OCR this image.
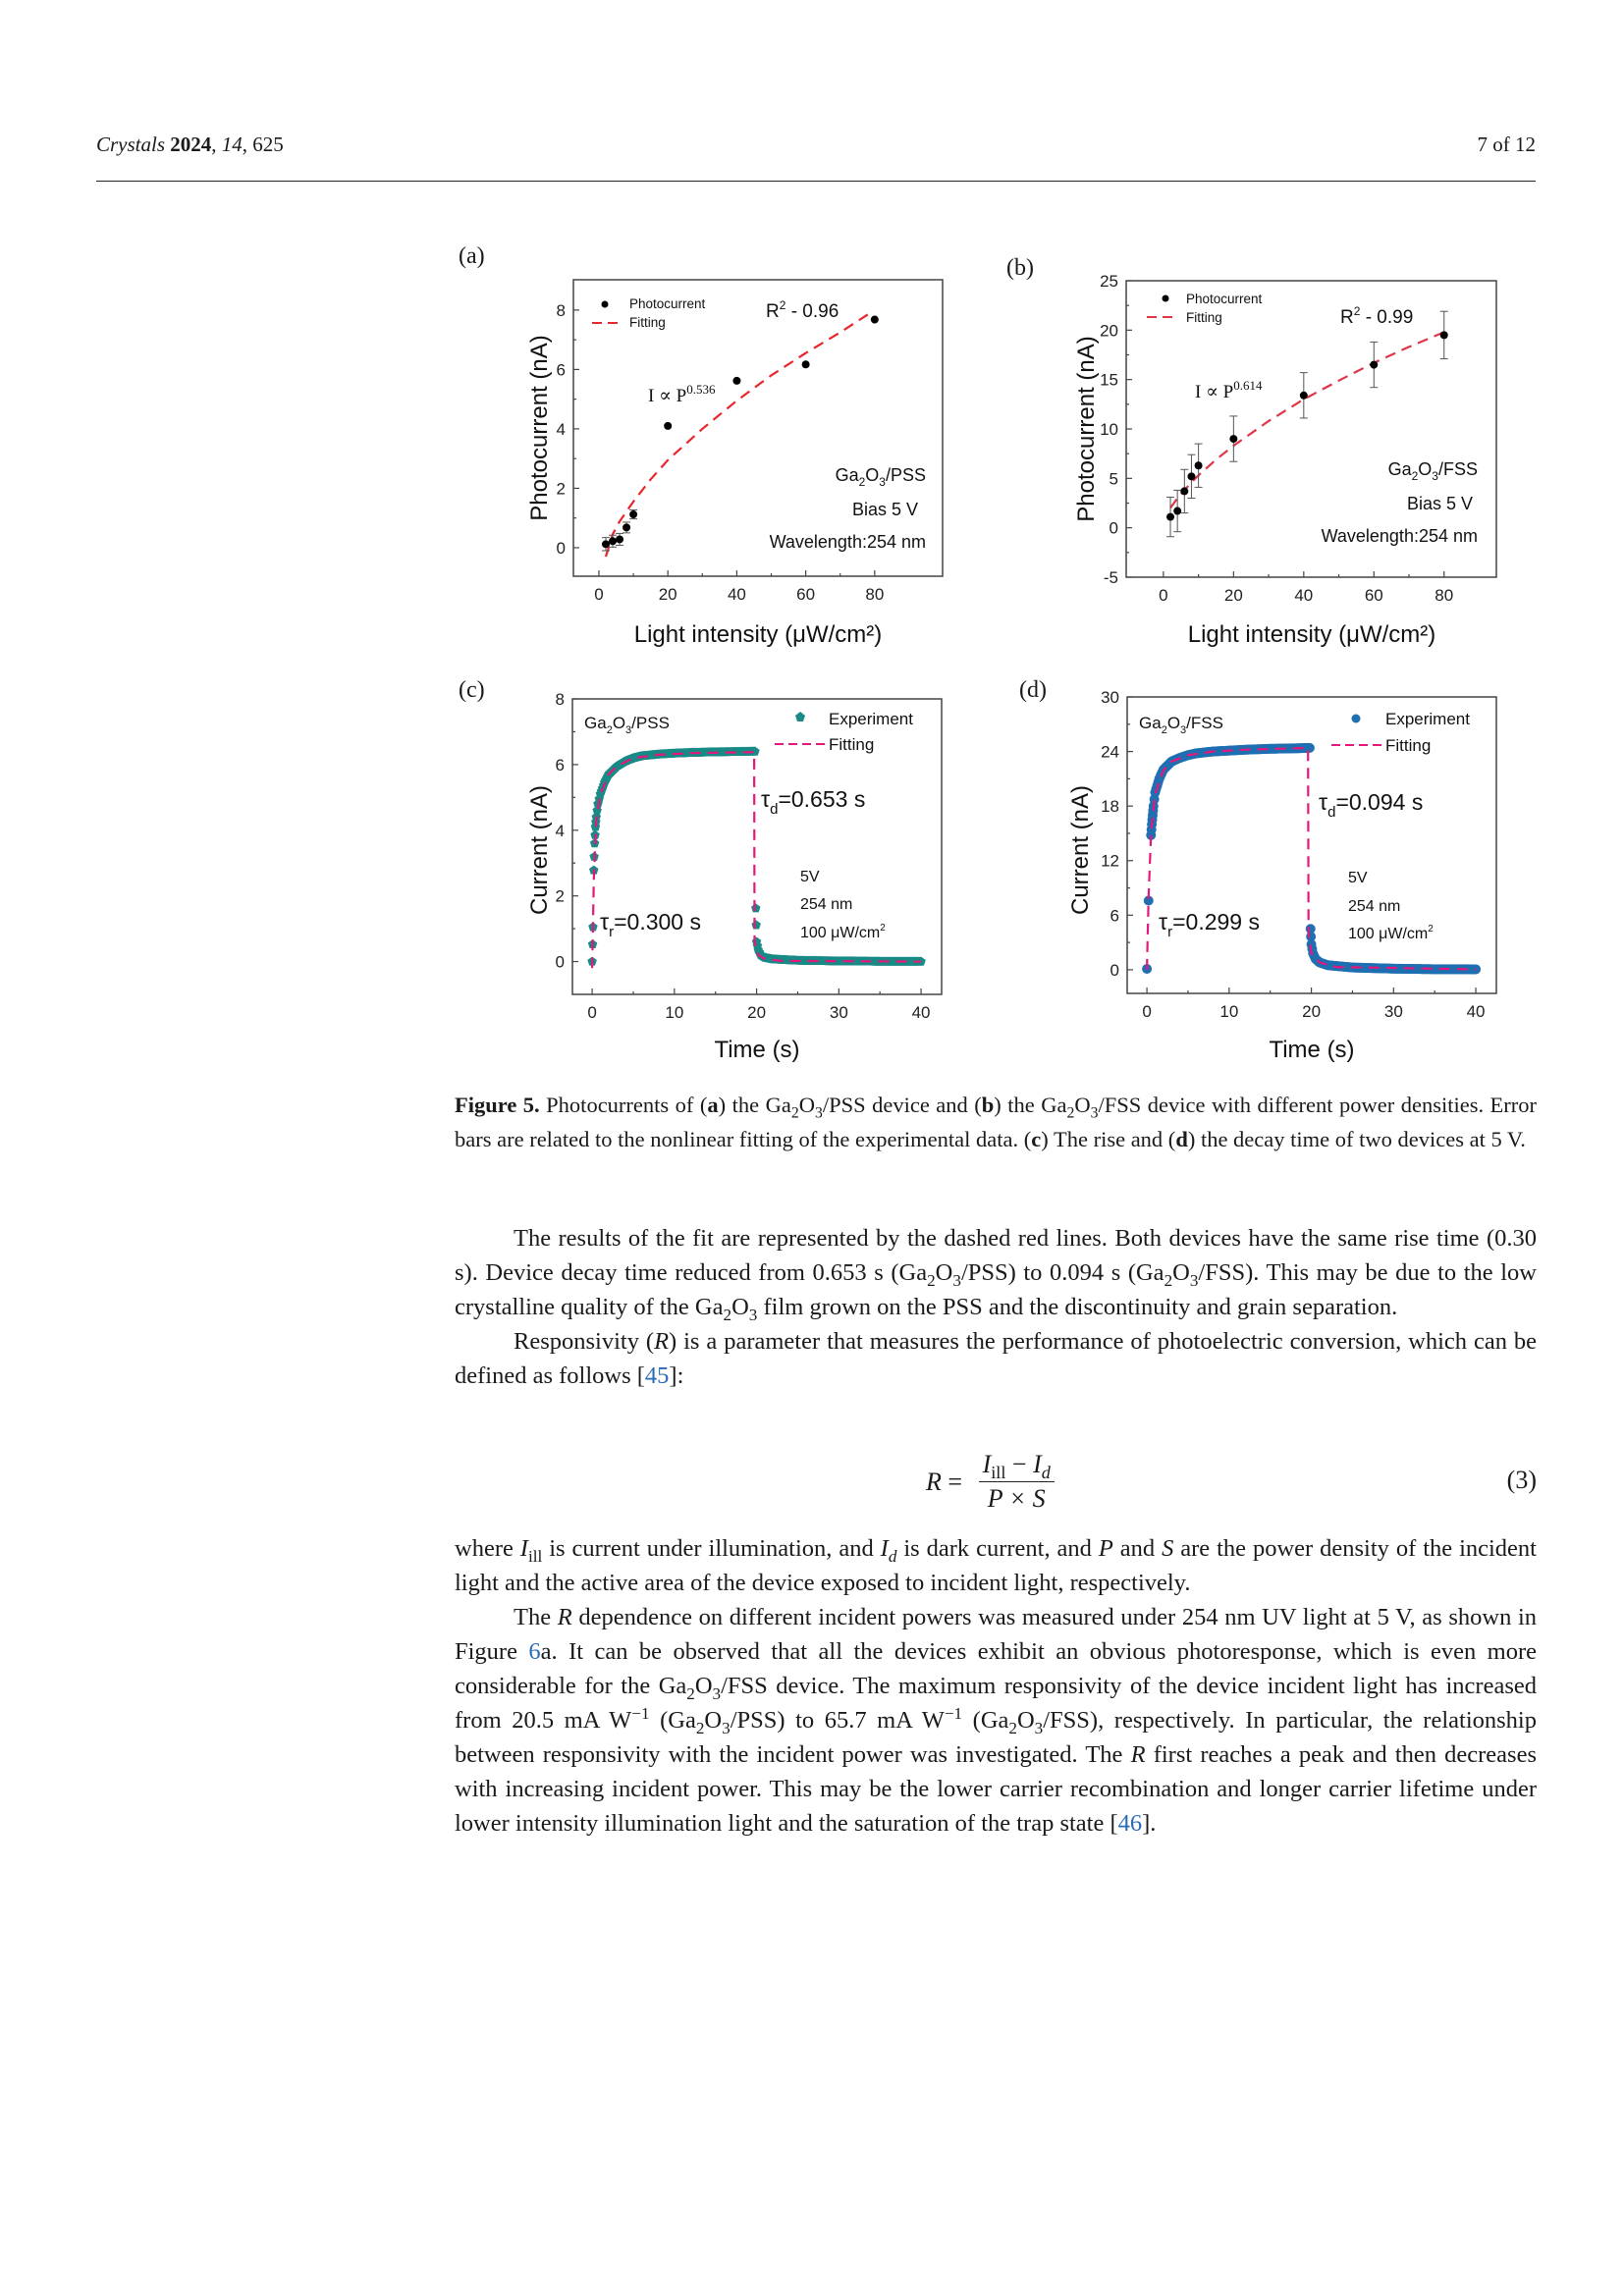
Crystals 2024, 14, 625	7 of 12
(a)	(b)
(c)	(d)
0	20	40	60	80
0
2
4
6
8
Photocurrent (nA)
Light intensity (μW/cm²)
Photocurrent
Fitting
$R^2 - 0.96$
$I \propto P^{0.536}$
$Ga_2O_3$/PSS
Bias 5 V
Wavelength:254 nm
0	20	40	60	80
-5
0
5
10
15
20
25
Photocurrent (nA)
Light intensity (μW/cm²)
Photocurrent
Fitting	$R^2 - 0.99$
$I \propto P^{0.614}$
$Ga_2O_3$/FSS
Bias 5 V
Wavelength:254 nm
0	10	20	30	40
0
2
4
6
8
Current (nA)
Time (s)
$Ga_2O_3$/PSS	Experiment
Fitting
$\tau_d=0.653$ s
$\tau_r=0.300$ s
5V
254 nm
100 $\mu W/cm^2$
0	10	20	30	40
0
6
12
18
24
30
Current (nA)
Time (s)
$Ga_2O_3$/FSS	Experiment
Fitting
$\tau_d=0.094$ s
$\tau_r=0.299$ s
5V
254 nm
100 $\mu W/cm^2$
Figure 5. Photocurrents of (a) the $Ga_2O_3$/PSS device and (b) the $Ga_2O_3$/FSS device with different power densities. Error bars are related to the nonlinear fitting of the experimental data. (c) The rise and (d) the decay time of two devices at 5 V.

The results of the fit are represented by the dashed red lines. Both devices have the same rise time (0.30 s). Device decay time reduced from 0.653 s $(Ga_2O_3/PSS)$ to 0.094 s $(Ga_2O_3/FSS)$. This may be due to the low crystalline quality of the $Ga_2O_3$ film grown on the PSS and the discontinuity and grain separation.

Responsivity (R) is a parameter that measures the performance of photoelectric conversion, which can be defined as follows [45]:

$R = \frac{I_{ill} - I_d}{P \times S}$	(3)

where $I_{ill}$ is current under illumination, and $I_d$ is dark current, and P and S are the power density of the incident light and the active area of the device exposed to incident light, respectively.

The R dependence on different incident powers was measured under 254 nm UV light at 5 V, as shown in Figure 6a. It can be observed that all the devices exhibit an obvious photoresponse, which is even more considerable for the $Ga_2O_3$/FSS device. The maximum responsivity of the device incident light has increased from 20.5 mA $W^{-1}$ $(Ga_2O_3/PSS)$ to 65.7 mA $W^{-1}$ $(Ga_2O_3/FSS)$, respectively. In particular, the relationship between responsivity with the incident power was investigated. The R first reaches a peak and then decreases with increasing incident power. This may be the lower carrier recombination and longer carrier lifetime under lower intensity illumination light and the saturation of the trap state [46].
